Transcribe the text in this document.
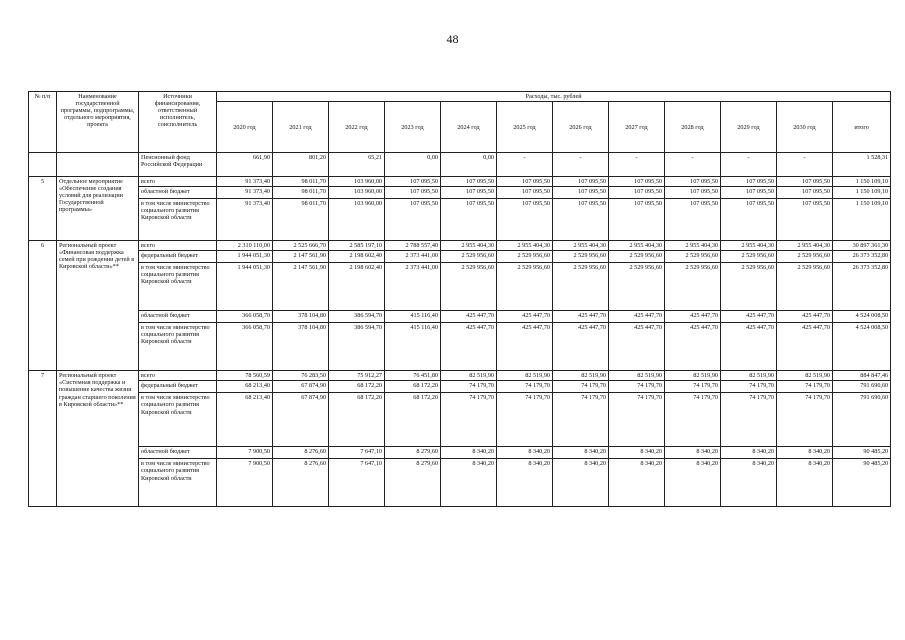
48
№ п/п	Наименование государственной программы, подпрограммы, отдельного мероприятия, проекта	Источники финансирования, ответственный исполнитель, соисполнитель	Расходы, тыс. рублей											
			2020 год	2021 год	2022 год	2023 год	2024 год	2025 год	2026 год	2027 год	2028 год	2029 год	2030 год	итого
		Пенсионный фонд Российской Федерации	661,90	801,20	65,21	0,00	0,00	-	-	-	-	-	-	1 528,31
5	Отдельное мероприятие «Обеспечение создания условий для реализации Государственной программы»	всего	91 373,40	98 011,70	103 960,00	107 095,50	107 095,50	107 095,50	107 095,50	107 095,50	107 095,50	107 095,50	107 095,50	1 150 109,10
		областной бюджет	91 373,40	98 011,70	103 960,00	107 095,50	107 095,50	107 095,50	107 095,50	107 095,50	107 095,50	107 095,50	107 095,50	1 150 109,10
		в том числе министерство социального развития Кировской области	91 373,40	98 011,70	103 960,00	107 095,50	107 095,50	107 095,50	107 095,50	107 095,50	107 095,50	107 095,50	107 095,50	1 150 109,10
6	Региональный проект «Финансовая поддержка семей при рождении детей в Кировской области»**	всего	2 310 110,00	2 525 666,70	2 585 197,10	2 788 557,40	2 955 404,30	2 955 404,30	2 955 404,30	2 955 404,30	2 955 404,30	2 955 404,30	2 955 404,30	30 897 361,30
		федеральный бюджет	1 944 051,30	2 147 561,90	2 198 602,40	2 373 441,00	2 529 956,60	2 529 956,60	2 529 956,60	2 529 956,60	2 529 956,60	2 529 956,60	2 529 956,60	26 373 352,80
		в том числе министерство социального развития Кировской области	1 944 051,30	2 147 561,90	2 198 602,40	2 373 441,00	2 529 956,60	2 529 956,60	2 529 956,60	2 529 956,60	2 529 956,60	2 529 956,60	2 529 956,60	26 373 352,80
		областной бюджет	366 058,70	378 104,80	386 594,70	415 116,40	425 447,70	425 447,70	425 447,70	425 447,70	425 447,70	425 447,70	425 447,70	4 524 008,50
		в том числе министерство социального развития Кировской области	366 058,70	378 104,80	386 594,70	415 116,40	425 447,70	425 447,70	425 447,70	425 447,70	425 447,70	425 447,70	425 447,70	4 524 008,50
7	Региональный проект «Системная поддержка и повышение качества жизни граждан старшего поколения в Кировской области»**	всего	78 560,59	76 283,50	75 912,27	76 451,80	82 519,90	82 519,90	82 519,90	82 519,90	82 519,90	82 519,90	82 519,90	884 847,46
		федеральный бюджет	68 213,40	67 874,90	68 172,20	68 172,20	74 179,70	74 179,70	74 179,70	74 179,70	74 179,70	74 179,70	74 179,70	791 690,60
		в том числе министерство социального развития Кировской области	68 213,40	67 874,90	68 172,20	68 172,20	74 179,70	74 179,70	74 179,70	74 179,70	74 179,70	74 179,70	74 179,70	791 690,60
		областной бюджет	7 900,50	8 276,60	7 647,10	8 279,60	8 340,20	8 340,20	8 340,20	8 340,20	8 340,20	8 340,20	8 340,20	90 485,20
		в том числе министерство социального развития Кировской области	7 900,50	8 276,60	7 647,10	8 279,60	8 340,20	8 340,20	8 340,20	8 340,20	8 340,20	8 340,20	8 340,20	90 485,20
